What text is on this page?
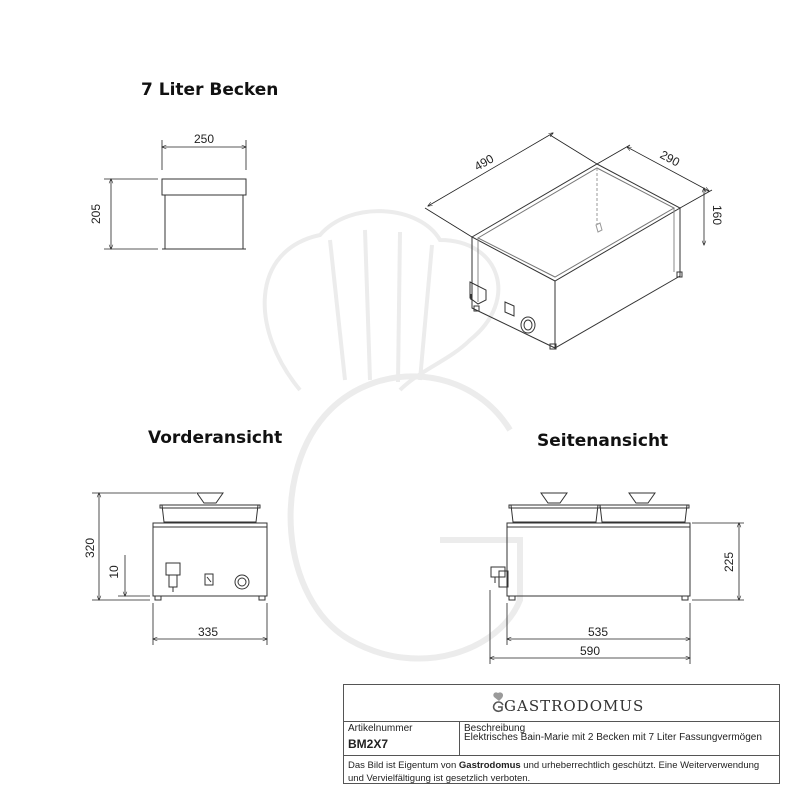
250
205
490	290
160
320
10
335
225
535
590
7 Liter Becken
Vorderansicht	Seitenansicht
GASTRODOMUS
Artikelnummer
BM2X7
Beschreibung
Elektrisches Bain-Marie mit 2 Becken mit 7 Liter Fassungvermögen
Das Bild ist Eigentum von Gastrodomus und urheberrechtlich geschützt. Eine Weiterverwendung und Vervielfältigung ist gesetzlich verboten.
